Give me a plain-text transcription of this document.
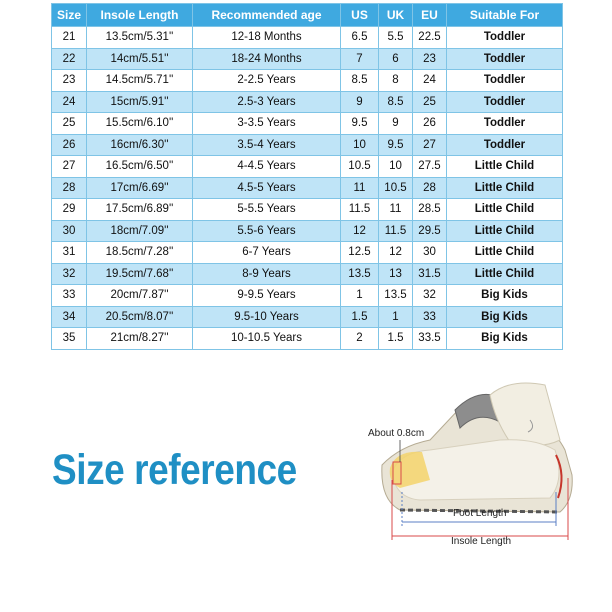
Size	Insole Length	Recommended age	US	UK	EU	Suitable For
21	13.5cm/5.31''	12-18 Months	6.5	5.5	22.5	Toddler
22	14cm/5.51''	18-24 Months	7	6	23	Toddler
23	14.5cm/5.71''	2-2.5 Years	8.5	8	24	Toddler
24	15cm/5.91''	2.5-3 Years	9	8.5	25	Toddler
25	15.5cm/6.10''	3-3.5 Years	9.5	9	26	Toddler
26	16cm/6.30''	3.5-4 Years	10	9.5	27	Toddler
27	16.5cm/6.50''	4-4.5 Years	10.5	10	27.5	Little Child
28	17cm/6.69''	4.5-5 Years	11	10.5	28	Little Child
29	17.5cm/6.89''	5-5.5 Years	11.5	11	28.5	Little Child
30	18cm/7.09''	5.5-6 Years	12	11.5	29.5	Little Child
31	18.5cm/7.28''	6-7 Years	12.5	12	30	Little Child
32	19.5cm/7.68''	8-9 Years	13.5	13	31.5	Little Child
33	20cm/7.87''	9-9.5 Years	1	13.5	32	Big Kids
34	20.5cm/8.07''	9.5-10 Years	1.5	1	33	Big Kids
35	21cm/8.27''	10-10.5 Years	2	1.5	33.5	Big Kids
Size reference
About 0.8cm
Foot Length
Insole Length
